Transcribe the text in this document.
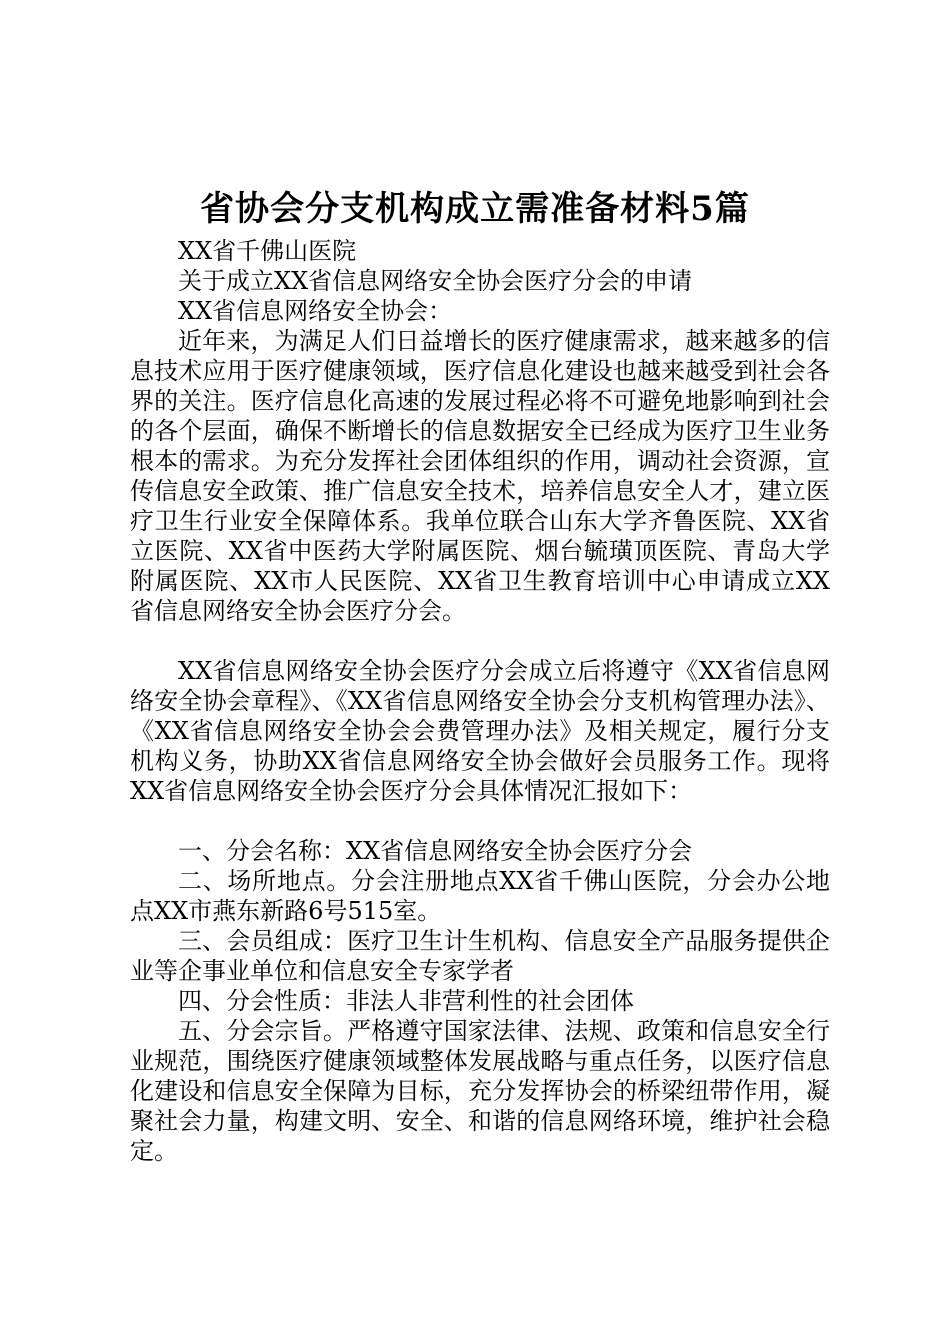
省协会分支机构成立需准备材料5篇

XX省千佛山医院

关于成立XX省信息网络安全协会医疗分会的申请

XX省信息网络安全协会：

近年来，为满足人们日益增长的医疗健康需求，越来越多的信息技术应用于医疗健康领域，医疗信息化建设也越来越受到社会各界的关注。医疗信息化高速的发展过程必将不可避免地影响到社会的各个层面，确保不断增长的信息数据安全已经成为医疗卫生业务根本的需求。为充分发挥社会团体组织的作用，调动社会资源，宣传信息安全政策、推广信息安全技术，培养信息安全人才，建立医疗卫生行业安全保障体系。我单位联合山东大学齐鲁医院、XX省立医院、XX省中医药大学附属医院、烟台毓璜顶医院、青岛大学附属医院、XX市人民医院、XX省卫生教育培训中心申请成立XX省信息网络安全协会医疗分会。

XX省信息网络安全协会医疗分会成立后将遵守《XX省信息网络安全协会章程》、《XX省信息网络安全协会分支机构管理办法》、《XX省信息网络安全协会会费管理办法》及相关规定，履行分支机构义务，协助XX省信息网络安全协会做好会员服务工作。现将XX省信息网络安全协会医疗分会具体情况汇报如下：

一、分会名称：XX省信息网络安全协会医疗分会

二、场所地点。分会注册地点XX省千佛山医院，分会办公地点XX市燕东新路6号515室。

三、会员组成：医疗卫生计生机构、信息安全产品服务提供企业等企事业单位和信息安全专家学者

四、分会性质：非法人非营利性的社会团体

五、分会宗旨。严格遵守国家法律、法规、政策和信息安全行业规范，围绕医疗健康领域整体发展战略与重点任务，以医疗信息化建设和信息安全保障为目标，充分发挥协会的桥梁纽带作用，凝聚社会力量，构建文明、安全、和谐的信息网络环境，维护社会稳定。
